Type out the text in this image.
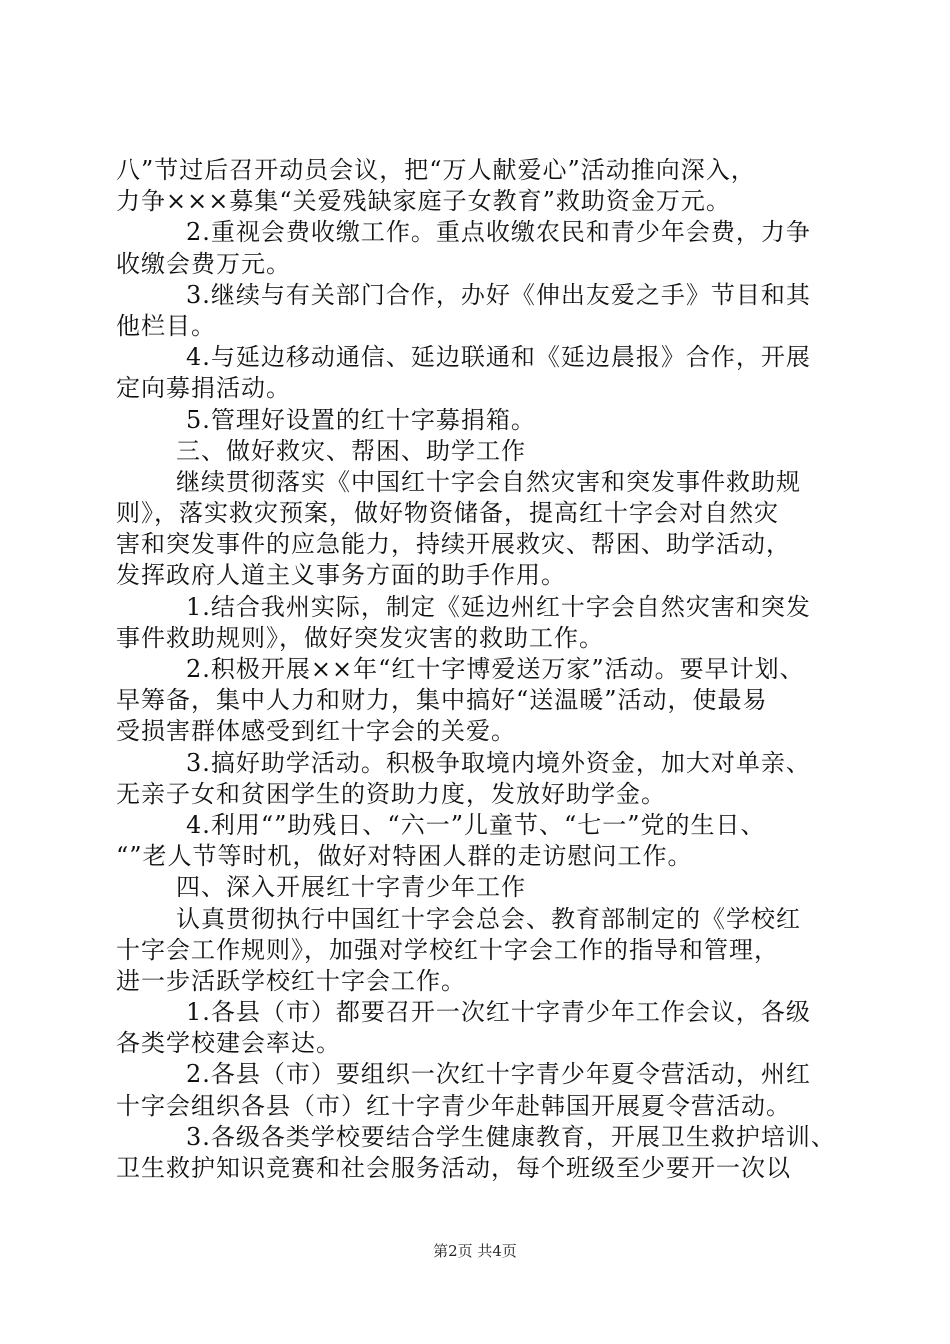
八”节过后召开动员会议，把“万人献爱心”活动推向深入，
力争×××募集“关爱残缺家庭子女教育”救助资金万元。
2.重视会费收缴工作。重点收缴农民和青少年会费，力争
收缴会费万元。
3.继续与有关部门合作，办好《伸出友爱之手》节目和其
他栏目。
4.与延边移动通信、延边联通和《延边晨报》合作，开展
定向募捐活动。
5.管理好设置的红十字募捐箱。
三、做好救灾、帮困、助学工作
继续贯彻落实《中国红十字会自然灾害和突发事件救助规
则》，落实救灾预案，做好物资储备，提高红十字会对自然灾
害和突发事件的应急能力，持续开展救灾、帮困、助学活动，
发挥政府人道主义事务方面的助手作用。
1.结合我州实际，制定《延边州红十字会自然灾害和突发
事件救助规则》，做好突发灾害的救助工作。
2.积极开展××年“红十字博爱送万家”活动。要早计划、
早筹备，集中人力和财力，集中搞好“送温暖”活动，使最易
受损害群体感受到红十字会的关爱。
3.搞好助学活动。积极争取境内境外资金，加大对单亲、
无亲子女和贫困学生的资助力度，发放好助学金。
4.利用“”助残日、“六一”儿童节、“七一”党的生日、
“”老人节等时机，做好对特困人群的走访慰问工作。
四、深入开展红十字青少年工作
认真贯彻执行中国红十字会总会、教育部制定的《学校红
十字会工作规则》，加强对学校红十字会工作的指导和管理，
进一步活跃学校红十字会工作。
1.各县（市）都要召开一次红十字青少年工作会议，各级
各类学校建会率达。
2.各县（市）要组织一次红十字青少年夏令营活动，州红
十字会组织各县（市）红十字青少年赴韩国开展夏令营活动。
3.各级各类学校要结合学生健康教育，开展卫生救护培训、
卫生救护知识竞赛和社会服务活动，每个班级至少要开一次以
第2页 共4页
